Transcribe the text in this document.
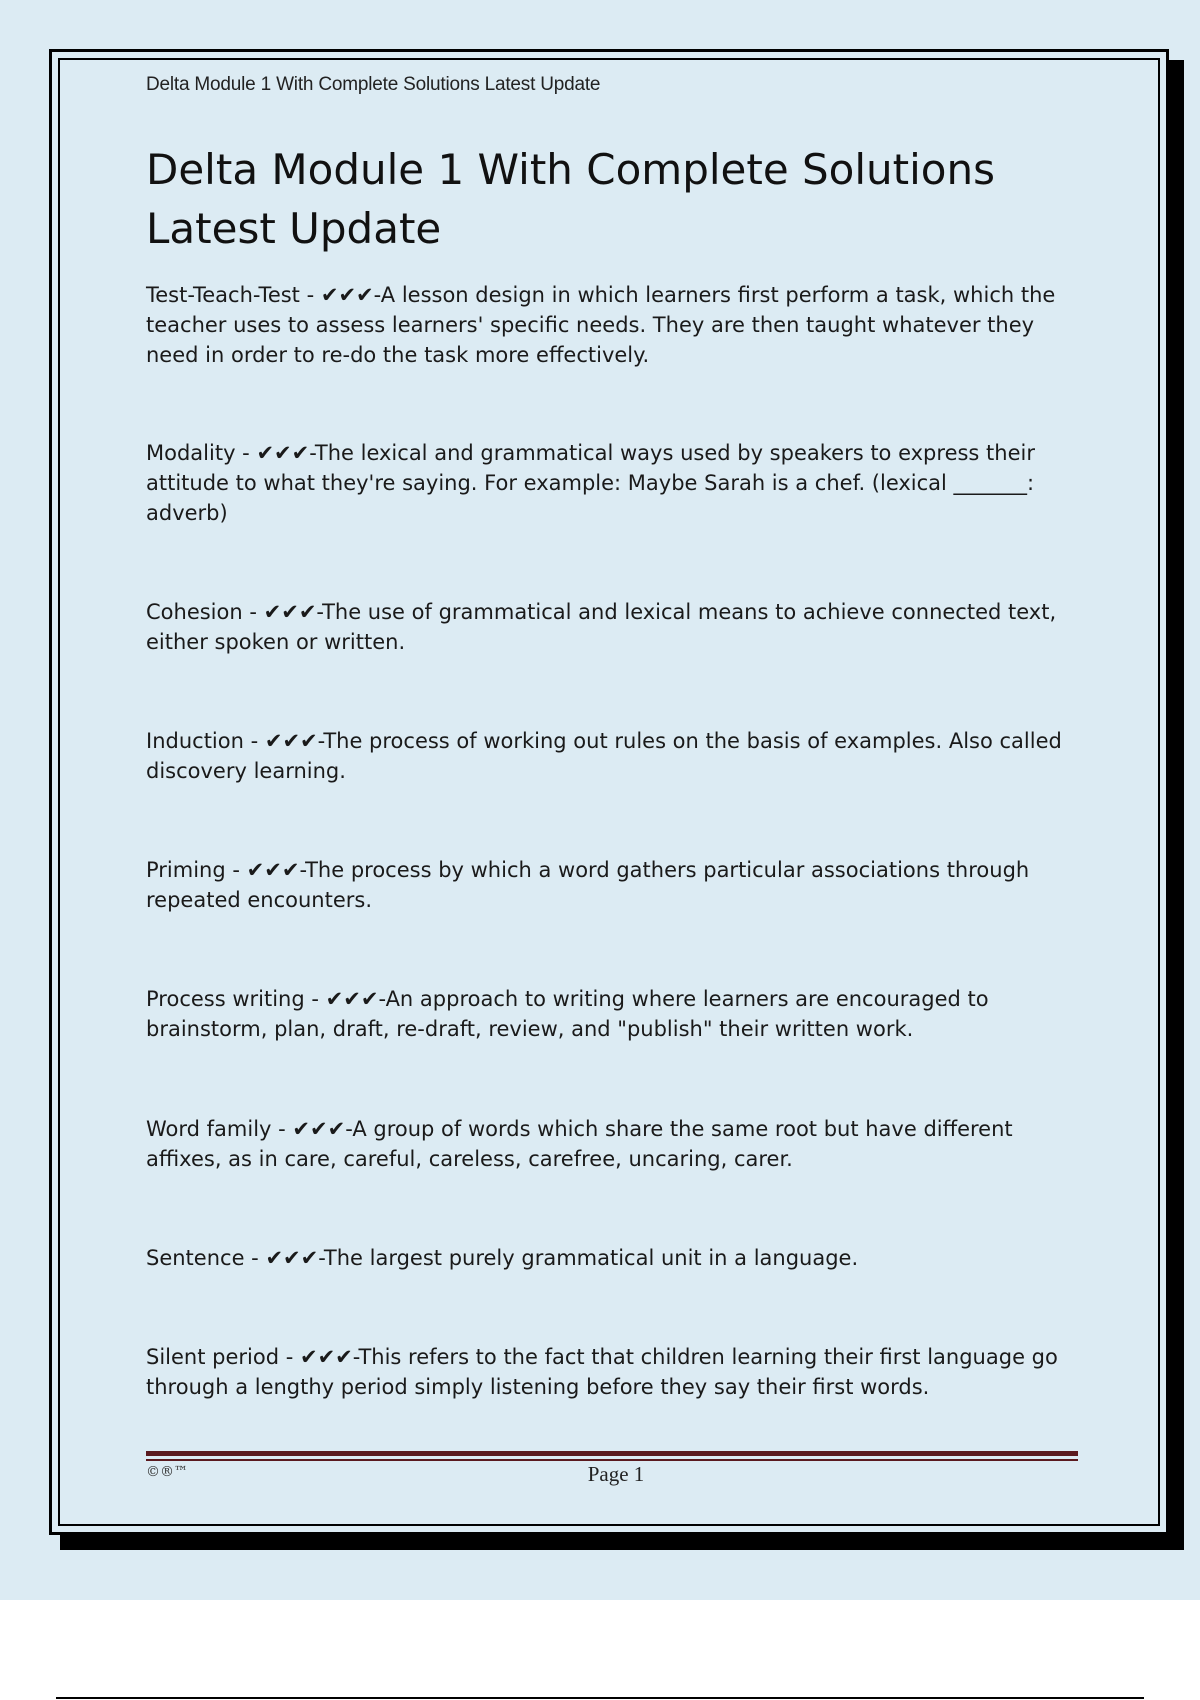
Delta Module 1 With Complete Solutions Latest Update
Delta Module 1 With Complete Solutions Latest Update
Test-Teach-Test - ✔✔✔-A lesson design in which learners first perform a task, which the teacher uses to assess learners' specific needs. They are then taught whatever they need in order to re-do the task more effectively.
Modality - ✔✔✔-The lexical and grammatical ways used by speakers to express their attitude to what they're saying. For example: Maybe Sarah is a chef. (lexical _______: adverb)
Cohesion - ✔✔✔-The use of grammatical and lexical means to achieve connected text, either spoken or written.
Induction - ✔✔✔-The process of working out rules on the basis of examples. Also called discovery learning.
Priming - ✔✔✔-The process by which a word gathers particular associations through repeated encounters.
Process writing - ✔✔✔-An approach to writing where learners are encouraged to brainstorm, plan, draft, re-draft, review, and "publish" their written work.
Word family - ✔✔✔-A group of words which share the same root but have different affixes, as in care, careful, careless, carefree, uncaring, carer.
Sentence - ✔✔✔-The largest purely grammatical unit in a language.
Silent period - ✔✔✔-This refers to the fact that children learning their first language go through a lengthy period simply listening before they say their first words.
©®™	Page 1
